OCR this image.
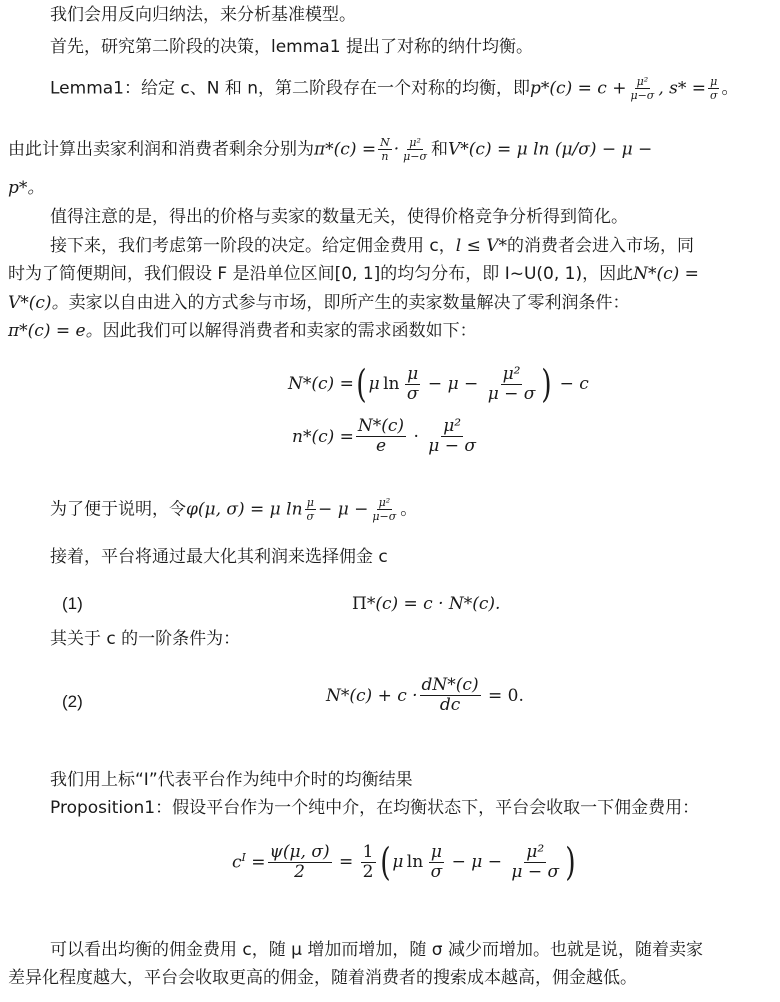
我们会用反向归纳法，来分析基准模型。
首先，研究第二阶段的决策，lemma1 提出了对称的纳什均衡。
Lemma1：给定 c、N 和 n，第二阶段存在一个对称的均衡，即$p*(c) = c + \frac{\text{μ²}}{\mu-\sigma}$ , $s* = \frac{\mu}{\sigma}$ 。
由此计算出卖家利润和消费者剩余分别为$\pi*(c) = \frac{N}{n} \cdot \frac{\text{μ²}}{\mu-\sigma}$ 和V*(c) = μ ln (μ/σ) − μ −
p*。
值得注意的是，得出的价格与卖家的数量无关，使得价格竞争分析得到简化。
接下来，我们考虑第一阶段的决定。给定佣金费用 c，l ≤ V*的消费者会进入市场，同
时为了简便期间，我们假设 F 是沿单位区间[0, 1]的均匀分布，即 I~U(0, 1)，因此N*(c) =
V*(c)。卖家以自由进入的方式参与市场，即所产生的卖家数量解决了零利润条件：
π*(c) = e。因此我们可以解得消费者和卖家的需求函数如下：
N*(c) = ( μ  ln 
μ
σ − μ −
μ²
μ − σ ) − c
$n*(c) = \frac{N*(c)}{e}$ ·
μ²
μ − σ
为了便于说明，令φ(μ, σ) = μ $\ln \frac{\mu}{\sigma} - \mu - \frac{\text{μ²}}{\mu-\sigma}$ 。
接着，平台将通过最大化其利润来选择佣金 c
(1)	Π *(c) = c · N*(c).
其关于 c 的一阶条件为：
(2)	$N*(c) + c \cdot \frac{dN*(c)}{dc} = 0$.
我们用上标“I”代表平台作为纯中介时的均衡结果
Proposition1：假设平台作为一个纯中介，在均衡状态下，平台会收取一下佣金费用：
$c^I = \frac{\psi(\mu, \sigma)}{2}$ =
1
2 ( μ  ln 
μ
σ − μ −
μ²
μ − σ )
可以看出均衡的佣金费用 c，随 μ 增加而增加，随 σ 减少而增加。也就是说，随着卖家
差异化程度越大，平台会收取更高的佣金，随着消费者的搜索成本越高，佣金越低。
